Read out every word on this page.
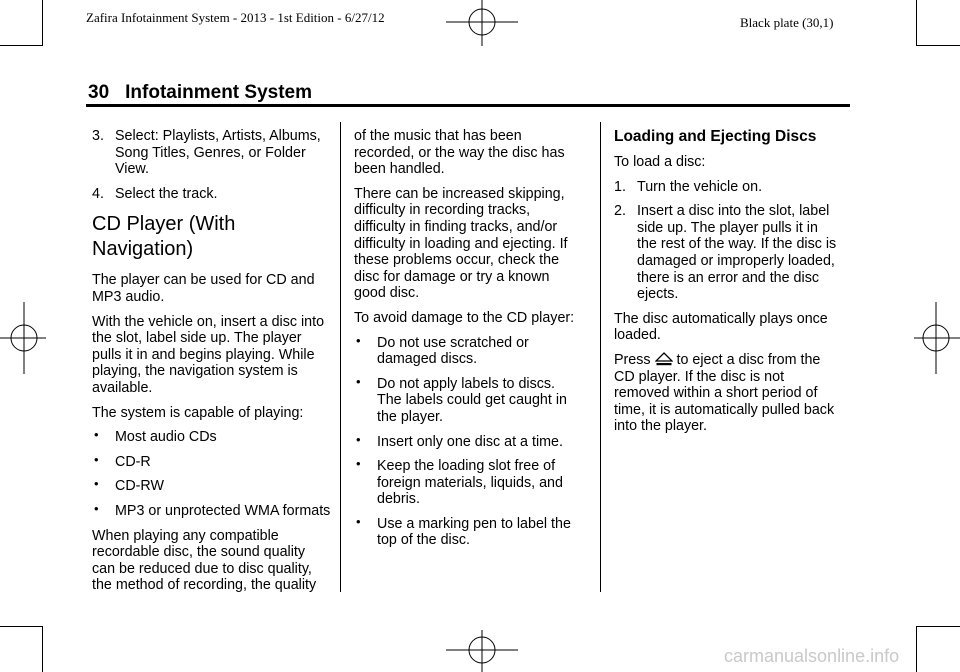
Zafira Infotainment System - 2013 - 1st Edition - 6/27/12	Black plate (30,1)
30 Infotainment System
3. Select: Playlists, Artists, Albums, Song Titles, Genres, or Folder View.
4. Select the track.
CD Player (With Navigation)

The player can be used for CD and MP3 audio.

With the vehicle on, insert a disc into the slot, label side up. The player pulls it in and begins playing. While playing, the navigation system is available.

The system is capable of playing:

• Most audio CDs
• CD-R
• CD-RW
• MP3 or unprotected WMA formats

When playing any compatible recordable disc, the sound quality can be reduced due to disc quality, the method of recording, the quality

of the music that has been recorded, or the way the disc has been handled.

There can be increased skipping, difficulty in recording tracks, difficulty in finding tracks, and/or difficulty in loading and ejecting. If these problems occur, check the disc for damage or try a known good disc.

To avoid damage to the CD player:

• Do not use scratched or damaged discs.
• Do not apply labels to discs. The labels could get caught in the player.
• Insert only one disc at a time.
• Keep the loading slot free of foreign materials, liquids, and debris.
• Use a marking pen to label the top of the disc.
Loading and Ejecting Discs

To load a disc:

1. Turn the vehicle on.
2. Insert a disc into the slot, label side up. The player pulls it in the rest of the way. If the disc is damaged or improperly loaded, there is an error and the disc ejects.

The disc automatically plays once loaded.

Press to eject a disc from the CD player. If the disc is not removed within a short period of time, it is automatically pulled back into the player.

carmanualsonline.info
